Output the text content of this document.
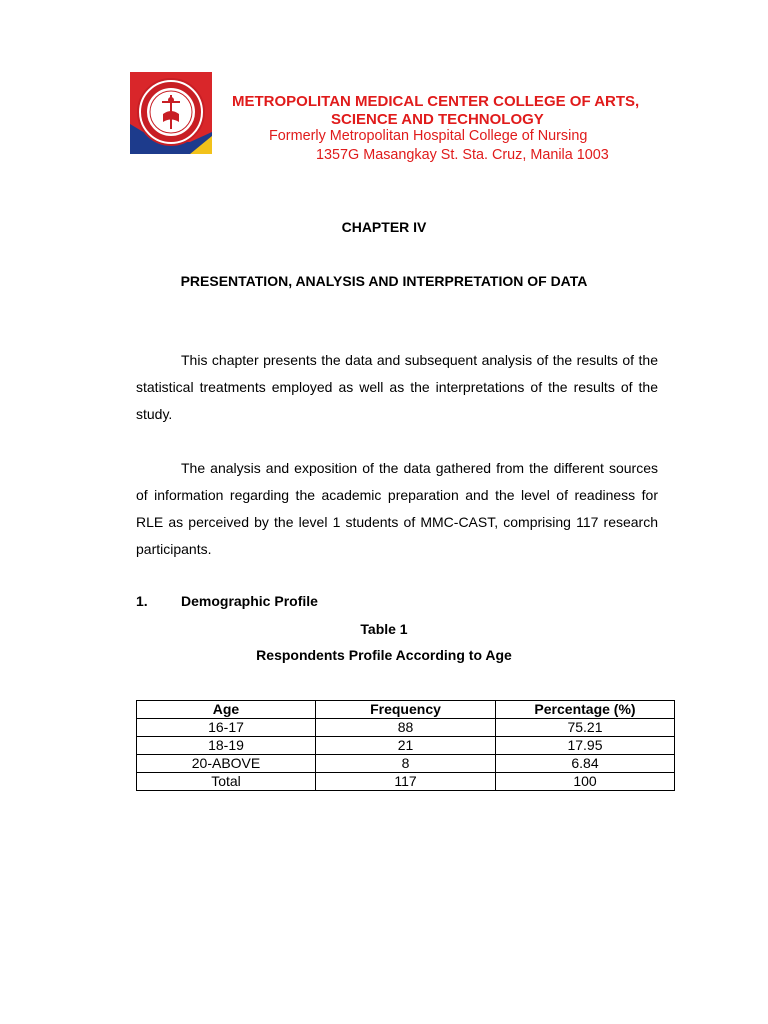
METROPOLITAN MEDICAL CENTER COLLEGE OF ARTS,
SCIENCE AND TECHNOLOGY
Formerly Metropolitan Hospital College of Nursing
1357G Masangkay St. Sta. Cruz, Manila 1003
CHAPTER IV
PRESENTATION, ANALYSIS AND INTERPRETATION OF DATA
This chapter presents the data and subsequent analysis of the results of the statistical treatments employed as well as the interpretations of the results of the study.
The analysis and exposition of the data gathered from the different sources of information regarding the academic preparation and the level of readiness for RLE as perceived by the level 1 students of MMC-CAST, comprising 117 research participants.
1. Demographic Profile
Table 1
Respondents Profile According to Age
Age	Frequency	Percentage (%)
16-17	88	75.21
18-19	21	17.95
20-ABOVE	8	6.84
Total	117	100
